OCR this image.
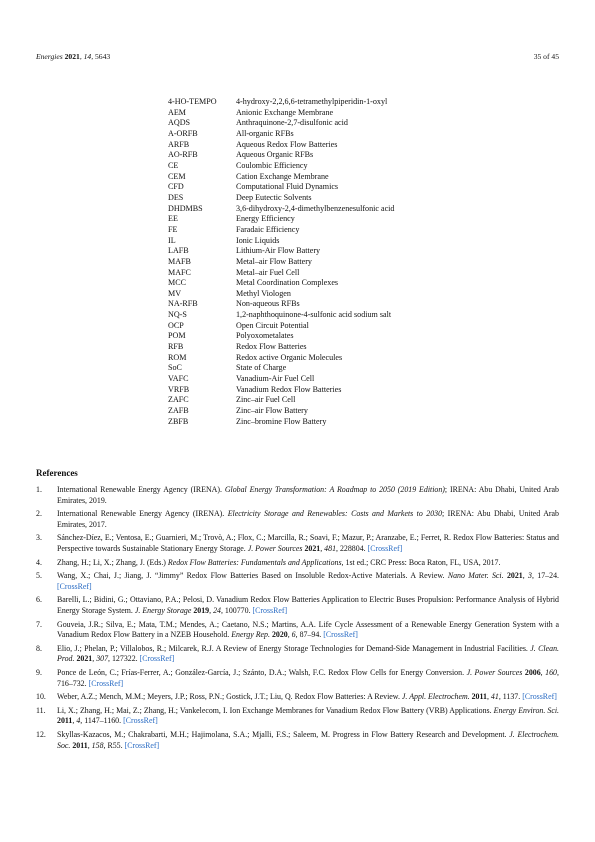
Energies 2021, 14, 5643	35 of 45
4-HO-TEMPO	4-hydroxy-2,2,6,6-tetramethylpiperidin-1-oxyl
AEM	Anionic Exchange Membrane
AQDS	Anthraquinone-2,7-disulfonic acid
A-ORFB	All-organic RFBs
ARFB	Aqueous Redox Flow Batteries
AO-RFB	Aqueous Organic RFBs
CE	Coulombic Efficiency
CEM	Cation Exchange Membrane
CFD	Computational Fluid Dynamics
DES	Deep Eutectic Solvents
DHDMBS	3,6-dihydroxy-2,4-dimethylbenzenesulfonic acid
EE	Energy Efficiency
FE	Faradaic Efficiency
IL	Ionic Liquids
LAFB	Lithium-Air Flow Battery
MAFB	Metal–air Flow Battery
MAFC	Metal–air Fuel Cell
MCC	Metal Coordination Complexes
MV	Methyl Viologen
NA-RFB	Non-aqueous RFBs
NQ-S	1,2-naphthoquinone-4-sulfonic acid sodium salt
OCP	Open Circuit Potential
POM	Polyoxometalates
RFB	Redox Flow Batteries
ROM	Redox active Organic Molecules
SoC	State of Charge
VAFC	Vanadium-Air Fuel Cell
VRFB	Vanadium Redox Flow Batteries
ZAFC	Zinc–air Fuel Cell
ZAFB	Zinc–air Flow Battery
ZBFB	Zinc–bromine Flow Battery
References
1.	International Renewable Energy Agency (IRENA). Global Energy Transformation: A Roadmap to 2050 (2019 Edition); IRENA: Abu Dhabi, United Arab Emirates, 2019.
2.	International Renewable Energy Agency (IRENA). Electricity Storage and Renewables: Costs and Markets to 2030; IRENA: Abu Dhabi, United Arab Emirates, 2017.
3.	Sánchez-Díez, E.; Ventosa, E.; Guarnieri, M.; Trovò, A.; Flox, C.; Marcilla, R.; Soavi, F.; Mazur, P.; Aranzabe, E.; Ferret, R. Redox Flow Batteries: Status and Perspective towards Sustainable Stationary Energy Storage. J. Power Sources 2021, 481, 228804. [CrossRef]
4.	Zhang, H.; Li, X.; Zhang, J. (Eds.) Redox Flow Batteries: Fundamentals and Applications, 1st ed.; CRC Press: Boca Raton, FL, USA, 2017.
5.	Wang, X.; Chai, J.; Jiang, J. “Jimmy” Redox Flow Batteries Based on Insoluble Redox-Active Materials. A Review. Nano Mater. Sci. 2021, 3, 17–24. [CrossRef]
6.	Barelli, L.; Bidini, G.; Ottaviano, P.A.; Pelosi, D. Vanadium Redox Flow Batteries Application to Electric Buses Propulsion: Performance Analysis of Hybrid Energy Storage System. J. Energy Storage 2019, 24, 100770. [CrossRef]
7.	Gouveia, J.R.; Silva, E.; Mata, T.M.; Mendes, A.; Caetano, N.S.; Martins, A.A. Life Cycle Assessment of a Renewable Energy Generation System with a Vanadium Redox Flow Battery in a NZEB Household. Energy Rep. 2020, 6, 87–94. [CrossRef]
8.	Elio, J.; Phelan, P.; Villalobos, R.; Milcarek, R.J. A Review of Energy Storage Technologies for Demand-Side Management in Industrial Facilities. J. Clean. Prod. 2021, 307, 127322. [CrossRef]
9.	Ponce de León, C.; Frías-Ferrer, A.; González-García, J.; Szánto, D.A.; Walsh, F.C. Redox Flow Cells for Energy Conversion. J. Power Sources 2006, 160, 716–732. [CrossRef]
10.	Weber, A.Z.; Mench, M.M.; Meyers, J.P.; Ross, P.N.; Gostick, J.T.; Liu, Q. Redox Flow Batteries: A Review. J. Appl. Electrochem. 2011, 41, 1137. [CrossRef]
11.	Li, X.; Zhang, H.; Mai, Z.; Zhang, H.; Vankelecom, I. Ion Exchange Membranes for Vanadium Redox Flow Battery (VRB) Applications. Energy Environ. Sci. 2011, 4, 1147–1160. [CrossRef]
12.	Skyllas-Kazacos, M.; Chakrabarti, M.H.; Hajimolana, S.A.; Mjalli, F.S.; Saleem, M. Progress in Flow Battery Research and Development. J. Electrochem. Soc. 2011, 158, R55. [CrossRef]
